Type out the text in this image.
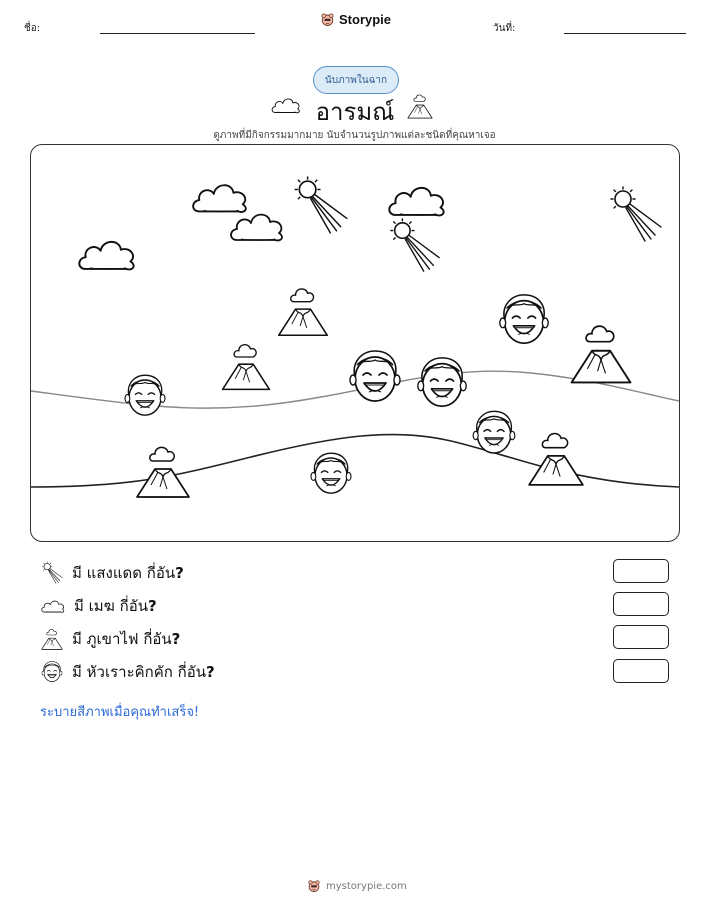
ชื่อ:
Storypie
วันที่:
นับภาพในฉาก
อารมณ์
ดูภาพที่มีกิจกรรมมากมาย นับจำนวนรูปภาพแต่ละชนิดที่คุณหาเจอ
มี แสงแดด กี่อัน?
มี เมฆ กี่อัน?
มี ภูเขาไฟ กี่อัน?
มี หัวเราะคิกคัก กี่อัน?
ระบายสีภาพเมื่อคุณทำเสร็จ!
mystorypie.com
